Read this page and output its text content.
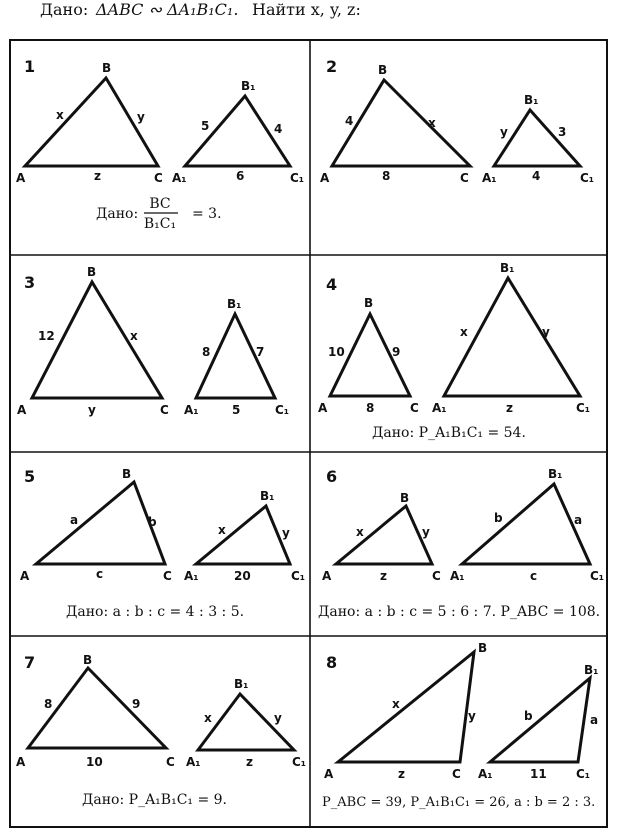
Дано: ΔABC ∾ ΔA₁B₁C₁. Найти x, y, z:
1	B
A	C
x	y
z
B₁
A₁	C₁
5	4
6
Дано:
BC
B₁C₁
= 3.
2	B
A	C
4	x
8
B₁
A₁	C₁
y	3
4
3
B
A	C
12	x
y
B₁
A₁	C₁
8	7
5
4
B
A	C
10	9
8
B₁
A₁	C₁
x	y
z
Дано: P_A₁B₁C₁ = 54.
5	B
A	C
a	b
c
B₁
A₁	C₁
x	y
20
Дано: a : b : c = 4 : 3 : 5.
6
B
A	C
x	y
z
B₁
A₁	C₁
b	a
c
Дано: a : b : c = 5 : 6 : 7. P_ABC = 108.
7	B
A	C
8	9
10
B₁
A₁	C₁
x	y
z
Дано: P_A₁B₁C₁ = 9.
8
B
A	C
x
y
z
B₁
A₁	C₁
b	a
11
P_ABC = 39, P_A₁B₁C₁ = 26, a : b = 2 : 3.
